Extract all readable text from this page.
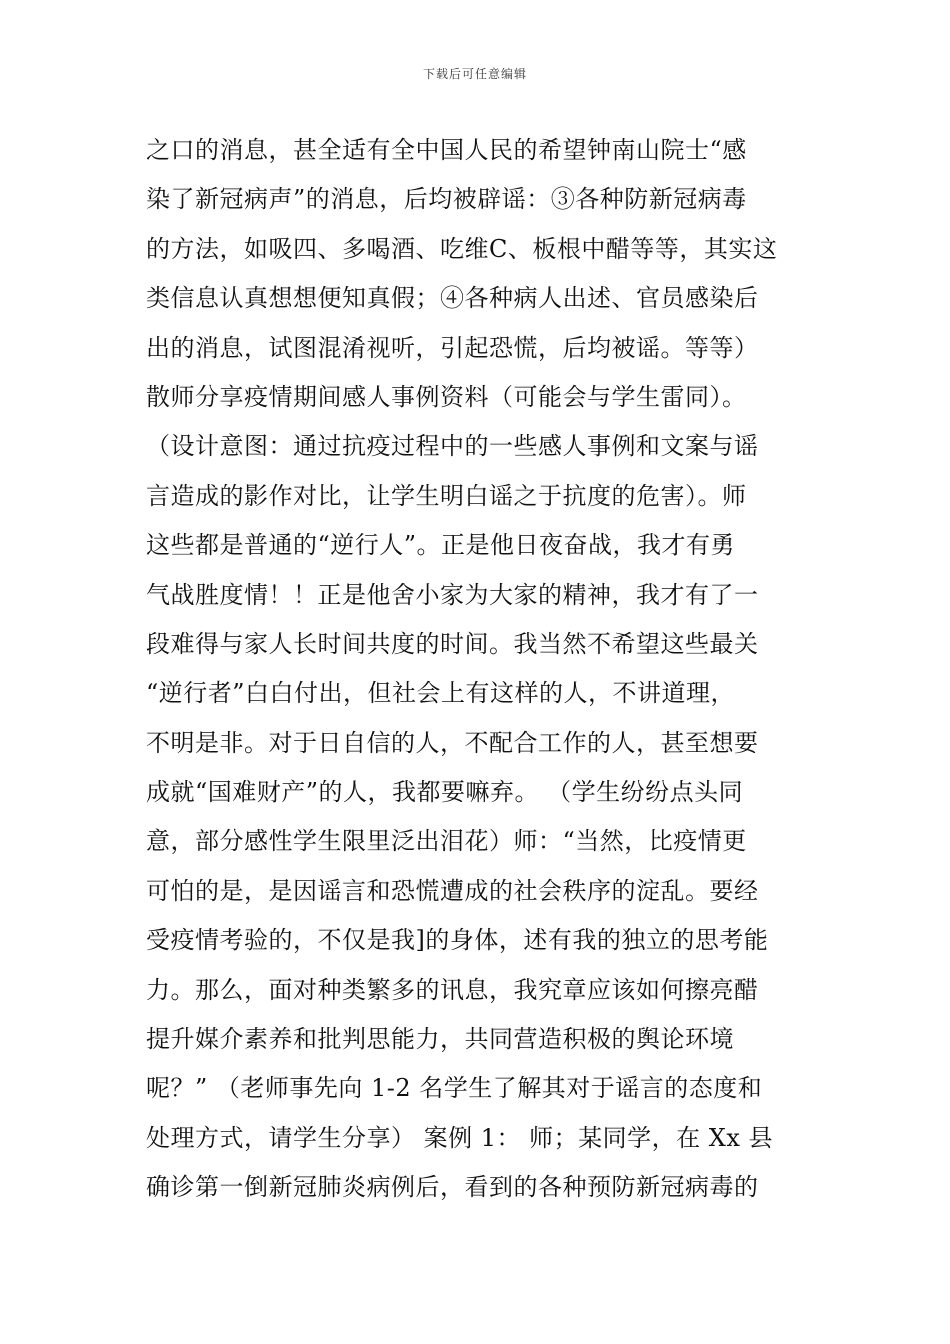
下载后可任意编辑
之口的消息，甚全适有全中国人民的希望钟南山院士“感
染了新冠病声”的消息，后均被辟谣：③各种防新冠病毒
的方法，如吸四、多喝酒、吃维C、板根中醋等等，其实这
类信息认真想想便知真假；④各种病人出述、官员感染后
出的消息，试图混淆视听，引起恐慌，后均被谣。等等）
散师分享疫情期间感人事例资料（可能会与学生雷同）。
（设计意图：通过抗疫过程中的一些感人事例和文案与谣
言造成的影作对比，让学生明白谣之于抗度的危害）。师
这些都是普通的“逆行人”。正是他日夜奋战，我才有勇
气战胜度情！！正是他舍小家为大家的精神，我才有了一
段难得与家人长时间共度的时间。我当然不希望这些最关
“逆行者”白白付出，但社会上有这样的人，不讲道理，
不明是非。对于日自信的人，不配合工作的人，甚至想要
成就“国难财产”的人，我都要嘛弃。 （学生纷纷点头同
意，部分感性学生限里泛出泪花）师：“当然，比疫情更
可怕的是，是因谣言和恐慌遭成的社会秩序的淀乱。要经
受疫情考验的，不仅是我]的身体，述有我的独立的思考能
力。那么，面对种类繁多的讯息，我究章应该如何擦亮醋
提升媒介素养和批判思能力，共同营造积极的舆论环境
呢？” （老师事先向 1-2 名学生了解其对于谣言的态度和
处理方式，请学生分享） 案例 1： 师；某同学，在 Xx 县
确诊第一倒新冠肺炎病例后，看到的各种预防新冠病毒的
